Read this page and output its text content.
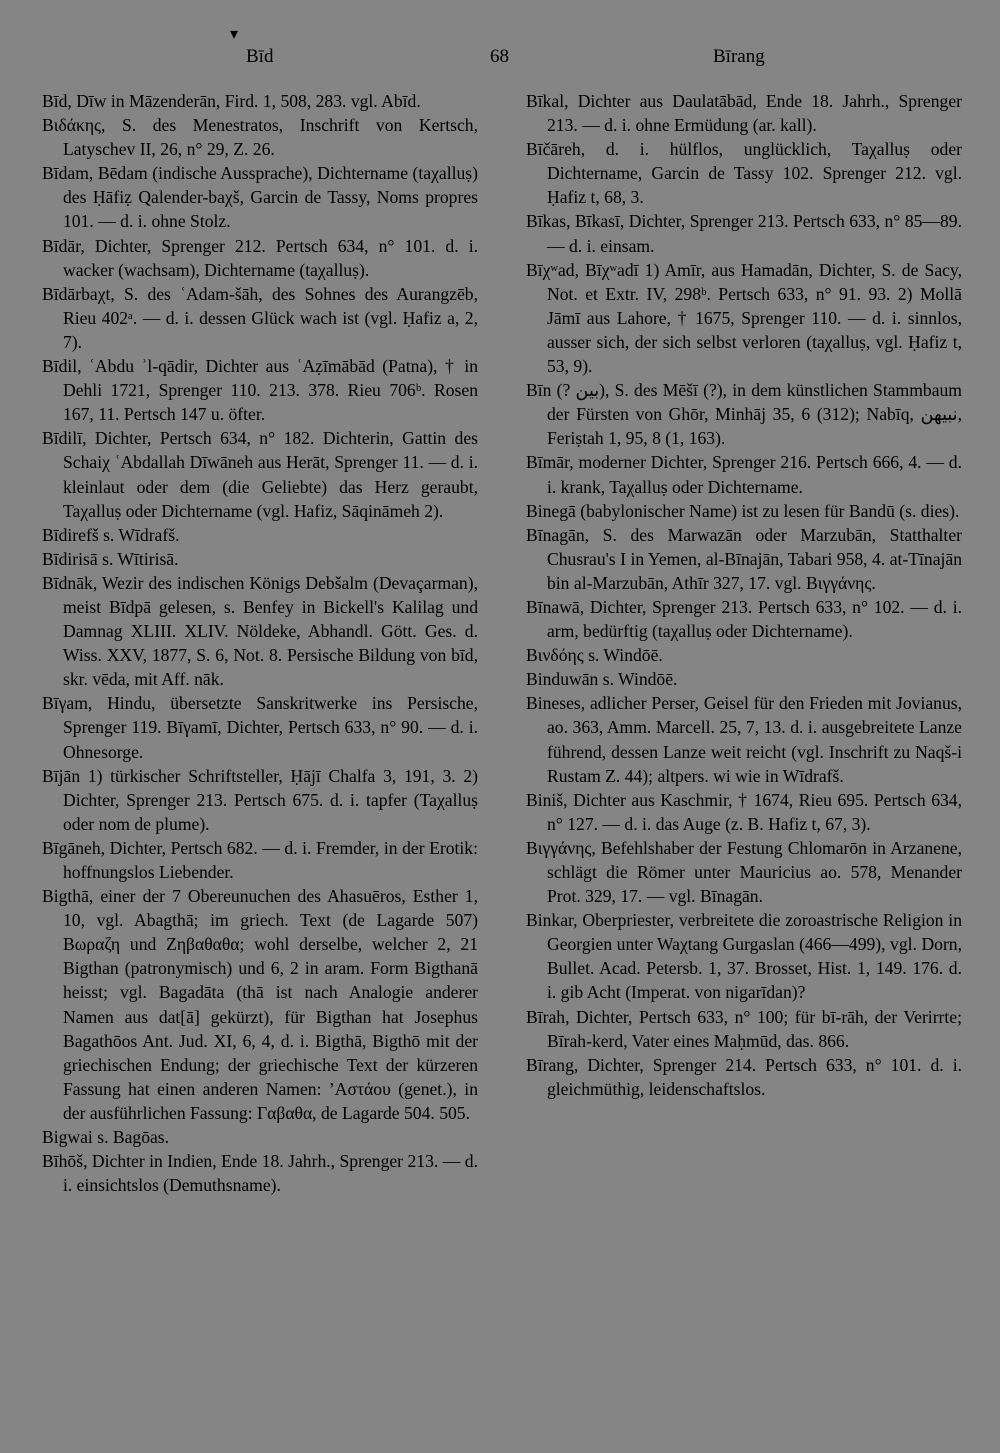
▾
Bīd	68	Bīrang

Bīd, Dīw in Māzenderān, Fird. 1, 508, 283. vgl. Abīd.

Βιδάκης, S. des Menestratos, Inschrift von Kertsch, Latyschev II, 26, n° 29, Z. 26.

Bīdam, Bēdam (indische Aussprache), Dichtername (taχalluṣ) des Ḥāfiẓ Qalender-baχš, Garcin de Tassy, Noms propres 101. — d. i. ohne Stolz.

Bīdār, Dichter, Sprenger 212. Pertsch 634, n° 101. d. i. wacker (wachsam), Dichtername (taχalluṣ).

Bīdārbaχt, S. des ʿAdam-šāh, des Sohnes des Aurangzēb, Rieu 402ᵃ. — d. i. dessen Glück wach ist (vgl. Ḥafiz a, 2, 7).

Bīdil, ʿAbdu ʾl-qādir, Dichter aus ʿAẓīmābād (Patna), † in Dehli 1721, Sprenger 110. 213. 378. Rieu 706ᵇ. Rosen 167, 11. Pertsch 147 u. öfter.

Bīdilī, Dichter, Pertsch 634, n° 182. Dichterin, Gattin des Schaiχ ʿAbdallah Dīwāneh aus Herāt, Sprenger 11. — d. i. kleinlaut oder dem (die Geliebte) das Herz geraubt, Taχalluṣ oder Dichtername (vgl. Hafiz, Sāqināmeh 2).

Bīdirefš s. Wīdrafš.

Bīdirisā s. Wītirisā.

Bīdnāk, Wezir des indischen Königs Debšalm (Devaçarman), meist Bīdpā gelesen, s. Benfey in Bickell's Kalilag und Damnag XLIII. XLIV. Nöldeke, Abhandl. Gött. Ges. d. Wiss. XXV, 1877, S. 6, Not. 8. Persische Bildung von bīd, skr. vēda, mit Aff. nāk.

Bīγam, Hindu, übersetzte Sanskritwerke ins Persische, Sprenger 119. Bīγamī, Dichter, Pertsch 633, n° 90. — d. i. Ohnesorge.

Bījān 1) türkischer Schriftsteller, Ḥājī Chalfa 3, 191, 3. 2) Dichter, Sprenger 213. Pertsch 675. d. i. tapfer (Taχalluṣ oder nom de plume).

Bīgāneh, Dichter, Pertsch 682. — d. i. Fremder, in der Erotik: hoffnungslos Liebender.

Bigthā, einer der 7 Obereunuchen des Ahasuēros, Esther 1, 10, vgl. Abagthā; im griech. Text (de Lagarde 507) Βωραζη und Ζηβαθαθα; wohl derselbe, welcher 2, 21 Bigthan (patronymisch) und 6, 2 in aram. Form Bigthanā heisst; vgl. Bagadāta (thā ist nach Analogie anderer Namen aus dat[ā] gekürzt), für Bigthan hat Josephus Bagathōos Ant. Jud. XI, 6, 4, d. i. Bigthā, Bigthō mit der griechischen Endung; der griechische Text der kürzeren Fassung hat einen anderen Namen: ʼΑστάου (genet.), in der ausführlichen Fassung: Γαβαθα, de Lagarde 504. 505.

Bigwai s. Bagōas.

Bīhōš, Dichter in Indien, Ende 18. Jahrh., Sprenger 213. — d. i. einsichtslos (Demuthsname).

Bīkal, Dichter aus Daulatābād, Ende 18. Jahrh., Sprenger 213. — d. i. ohne Ermüdung (ar. kall).

Bīčāreh, d. i. hülflos, unglücklich, Taχalluṣ oder Dichtername, Garcin de Tassy 102. Sprenger 212. vgl. Ḥafiz t, 68, 3.

Bīkas, Bīkasī, Dichter, Sprenger 213. Pertsch 633, n° 85—89. — d. i. einsam.

Bīχʷad, Bīχʷadī 1) Amīr, aus Hamadān, Dichter, S. de Sacy, Not. et Extr. IV, 298ᵇ. Pertsch 633, n° 91. 93. 2) Mollā Jāmī aus Lahore, † 1675, Sprenger 110. — d. i. sinnlos, ausser sich, der sich selbst verloren (taχalluṣ, vgl. Ḥafiz t, 53, 9).

Bīn (? بين), S. des Mēšī (?), in dem künstlichen Stammbaum der Fürsten von Ghōr, Minhāj 35, 6 (312); Nabīq, نبيهن, Feriṣtah 1, 95, 8 (1, 163).

Bīmār, moderner Dichter, Sprenger 216. Pertsch 666, 4. — d. i. krank, Taχalluṣ oder Dichtername.

Binegā (babylonischer Name) ist zu lesen für Bandū (s. dies).

Bīnagān, S. des Marwazān oder Marzubān, Statthalter Chusrau's I in Yemen, al-Bīnajān, Tabari 958, 4. at-Tīnajān bin al-Marzubān, Athīr 327, 17. vgl. Βιγγάνης.

Bīnawā, Dichter, Sprenger 213. Pertsch 633, n° 102. — d. i. arm, bedürftig (taχalluṣ oder Dichtername).

Βινδόης s. Windōē.

Binduwān s. Windōē.

Bineses, adlicher Perser, Geisel für den Frieden mit Jovianus, ao. 363, Amm. Marcell. 25, 7, 13. d. i. ausgebreitete Lanze führend, dessen Lanze weit reicht (vgl. Inschrift zu Naqš-i Rustam Z. 44); altpers. wi wie in Wīdrafš.

Biniš, Dichter aus Kaschmir, † 1674, Rieu 695. Pertsch 634, n° 127. — d. i. das Auge (z. B. Hafiz t, 67, 3).

Βιγγάνης, Befehlshaber der Festung Chlomarōn in Arzanene, schlägt die Römer unter Mauricius ao. 578, Menander Prot. 329, 17. — vgl. Bīnagān.

Binkar, Oberpriester, verbreitete die zoroastrische Religion in Georgien unter Waχtang Gurgaslan (466—499), vgl. Dorn, Bullet. Acad. Petersb. 1, 37. Brosset, Hist. 1, 149. 176. d. i. gib Acht (Imperat. von nigarīdan)?

Bīrah, Dichter, Pertsch 633, n° 100; für bī-rāh, der Verirrte; Bīrah-kerd, Vater eines Maḥmūd, das. 866.

Bīrang, Dichter, Sprenger 214. Pertsch 633, n° 101. d. i. gleichmüthig, leidenschaftslos.
